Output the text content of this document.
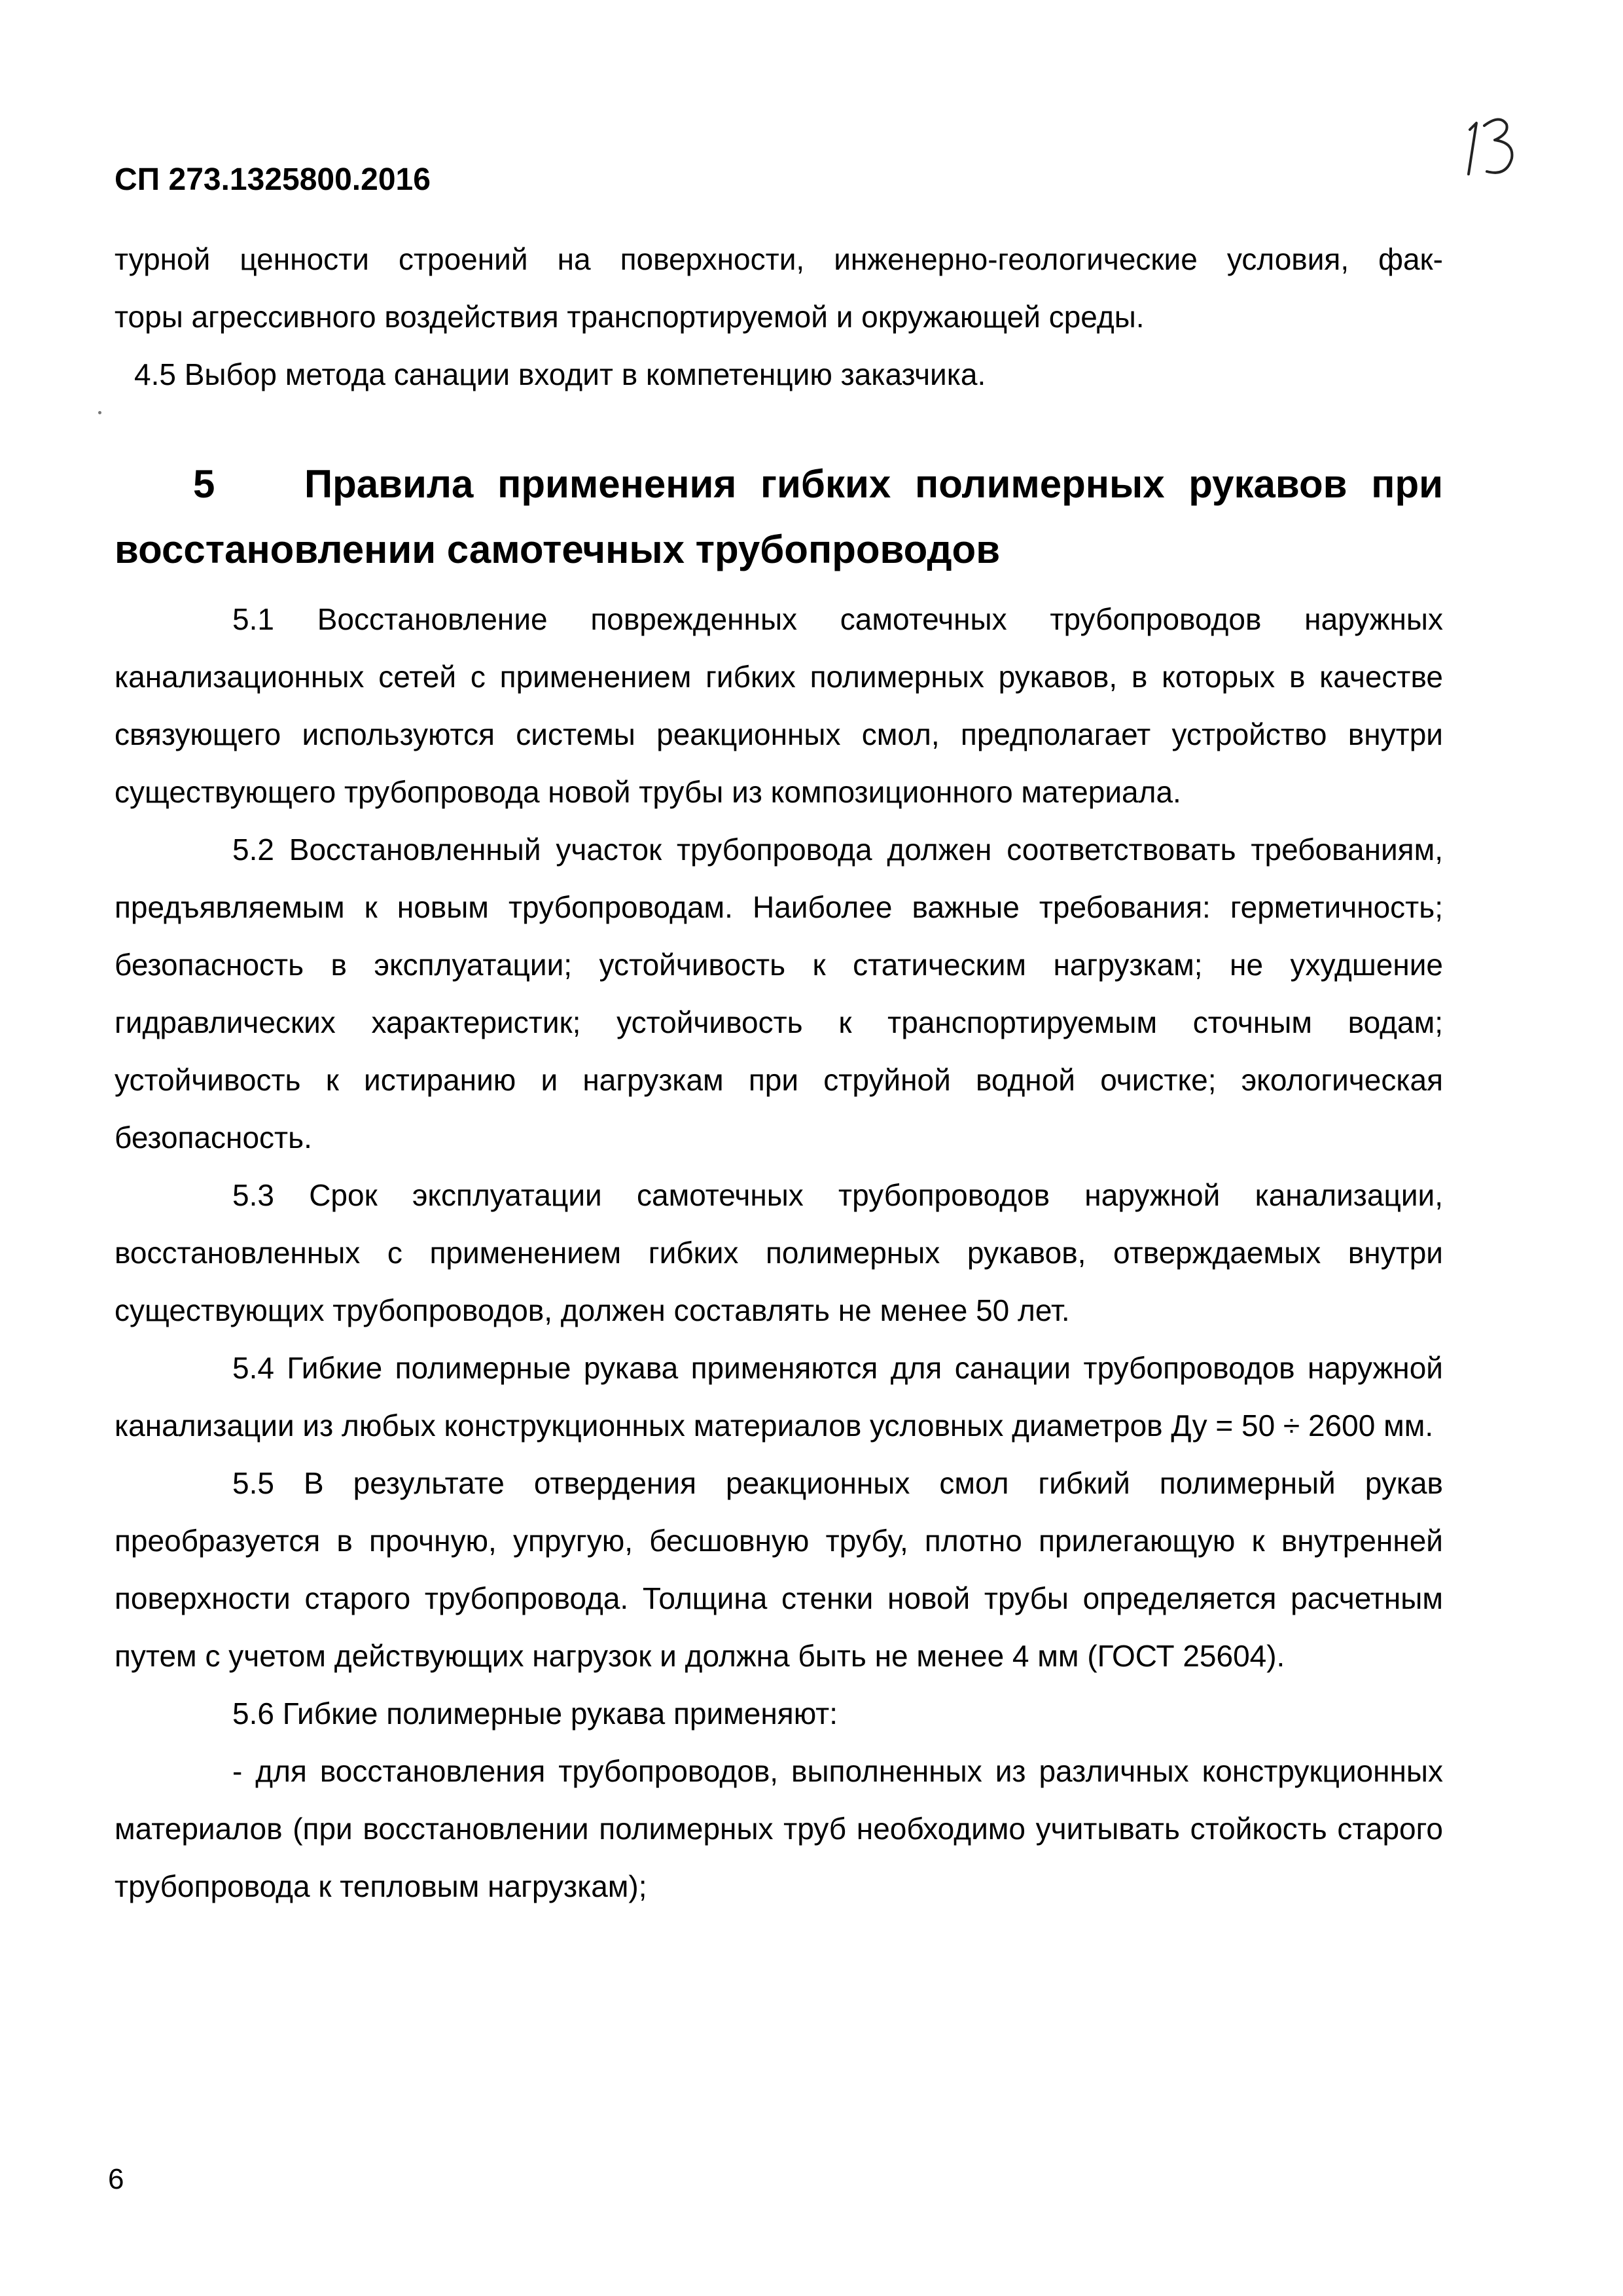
СП 273.1325800.2016

турной ценности строений на поверхности, инженерно-геологические условия, фак-

торы агрессивного воздействия транспортируемой и окружающей среды.

4.5 Выбор метода санации входит в компетенцию заказчика.

5	Правила применения гибких полимерных рукавов при
восстановлении самотечных трубопроводов

5.1 Восстановление поврежденных самотечных трубопроводов наружных канализационных сетей с применением гибких полимерных рукавов, в которых в качестве связующего используются системы реакционных смол, предполагает устройство внутри существующего трубопровода новой трубы из композиционного материала.

5.2 Восстановленный участок трубопровода должен соответствовать требованиям, предъявляемым к новым трубопроводам. Наиболее важные требования: герметичность; безопасность в эксплуатации; устойчивость к статическим нагрузкам; не ухудшение гидравлических характеристик; устойчивость к транспортируемым сточным водам; устойчивость к истиранию и нагрузкам при струйной водной очистке; экологическая безопасность.

5.3 Срок эксплуатации самотечных трубопроводов наружной канализации, восстановленных с применением гибких полимерных рукавов, отверждаемых внутри существующих трубопроводов, должен составлять не менее 50 лет.

5.4 Гибкие полимерные рукава применяются для санации трубопроводов наружной канализации из любых конструкционных материалов условных диаметров Ду = 50 ÷ 2600 мм.

5.5 В результате отвердения реакционных смол гибкий полимерный рукав преобразуется в прочную, упругую, бесшовную трубу, плотно прилегающую к внутренней поверхности старого трубопровода. Толщина стенки новой трубы определяется расчетным путем с учетом действующих нагрузок и должна быть не менее 4 мм (ГОСТ 25604).

5.6 Гибкие полимерные рукава применяют:

- для восстановления трубопроводов, выполненных из различных конструкционных материалов (при восстановлении полимерных труб необходимо учитывать стойкость старого трубопровода к тепловым нагрузкам);

6
